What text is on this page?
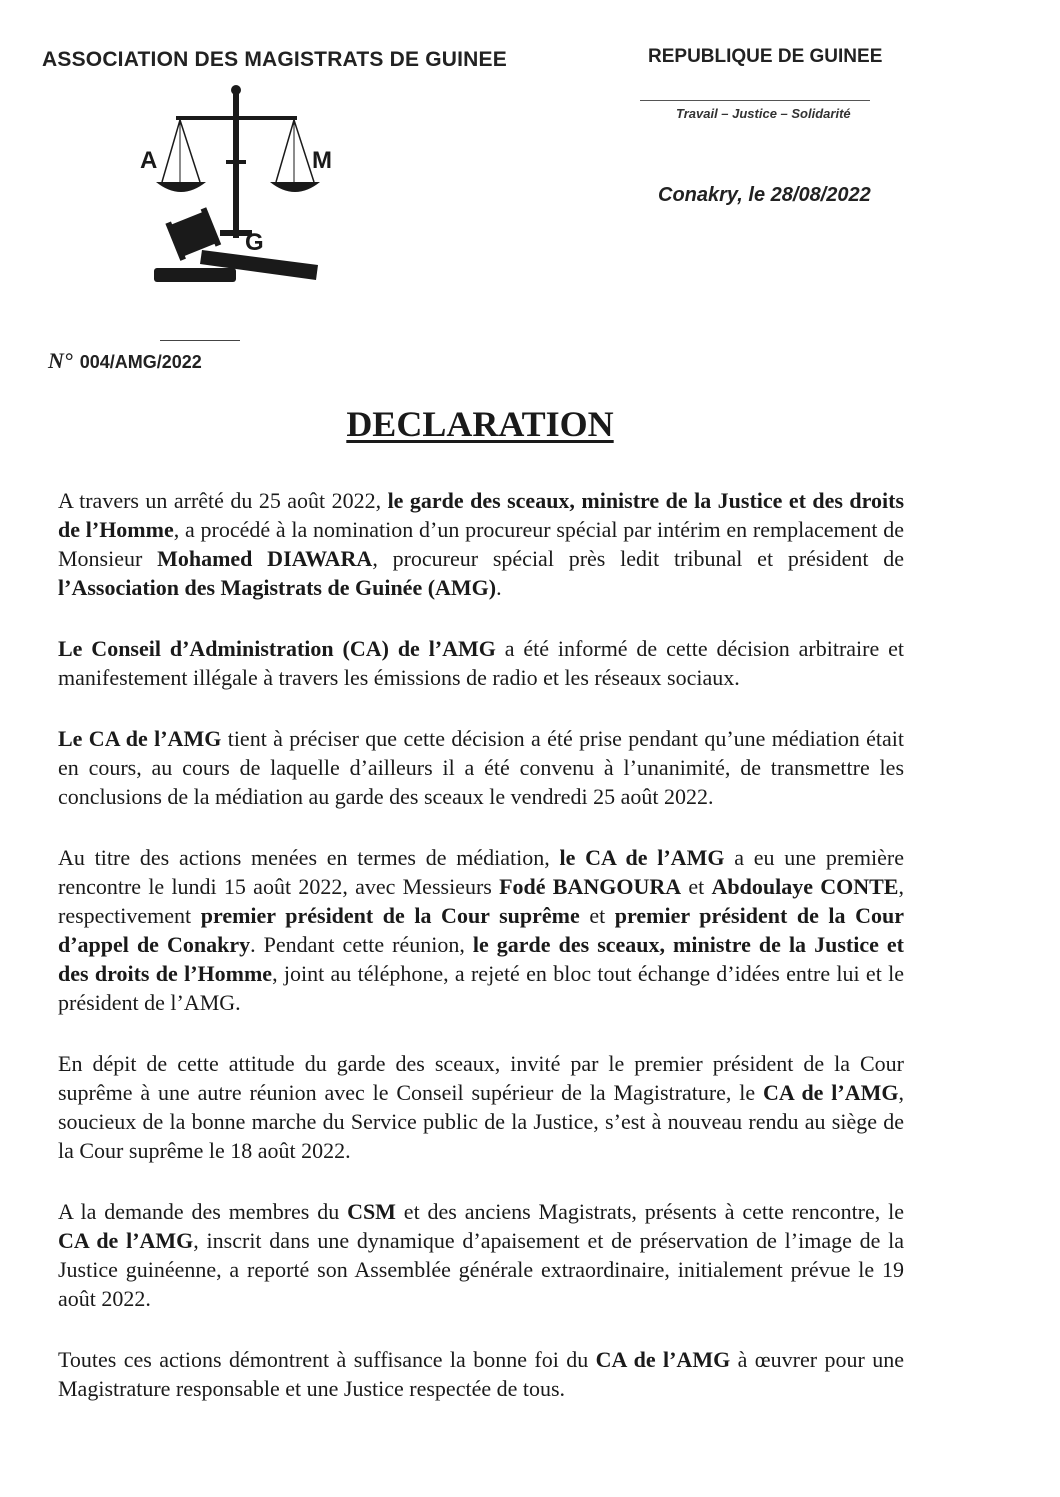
ASSOCIATION DES MAGISTRATS DE GUINEE	REPUBLIQUE DE GUINEE
Travail – Justice – Solidarité
Conakry, le 28/08/2022
A	M
G
N° 004/AMG/2022
DECLARATION

A travers un arrêté du 25 août 2022, le garde des sceaux, ministre de la Justice et des droits de l’Homme, a procédé à la nomination d’un procureur spécial par intérim en remplacement de Monsieur Mohamed DIAWARA, procureur spécial près ledit tribunal et président de l’Association des Magistrats de Guinée (AMG).

Le Conseil d’Administration (CA) de l’AMG a été informé de cette décision arbitraire et manifestement illégale à travers les émissions de radio et les réseaux sociaux.

Le CA de l’AMG tient à préciser que cette décision a été prise pendant qu’une médiation était en cours, au cours de laquelle d’ailleurs il a été convenu à l’unanimité, de transmettre les conclusions de la médiation au garde des sceaux le vendredi 25 août 2022.

Au titre des actions menées en termes de médiation, le CA de l’AMG a eu une première rencontre le lundi 15 août 2022, avec Messieurs Fodé BANGOURA et Abdoulaye CONTE, respectivement premier président de la Cour suprême et premier président de la Cour d’appel de Conakry. Pendant cette réunion, le garde des sceaux, ministre de la Justice et des droits de l’Homme, joint au téléphone, a rejeté en bloc tout échange d’idées entre lui et le président de l’AMG.

En dépit de cette attitude du garde des sceaux, invité par le premier président de la Cour suprême à une autre réunion avec le Conseil supérieur de la Magistrature, le CA de l’AMG, soucieux de la bonne marche du Service public de la Justice, s’est à nouveau rendu au siège de la Cour suprême le 18 août 2022.

A la demande des membres du CSM et des anciens Magistrats, présents à cette rencontre, le CA de l’AMG, inscrit dans une dynamique d’apaisement et de préservation de l’image de la Justice guinéenne, a reporté son Assemblée générale extraordinaire, initialement prévue le 19 août 2022.

Toutes ces actions démontrent à suffisance la bonne foi du CA de l’AMG à œuvrer pour une Magistrature responsable et une Justice respectée de tous.
